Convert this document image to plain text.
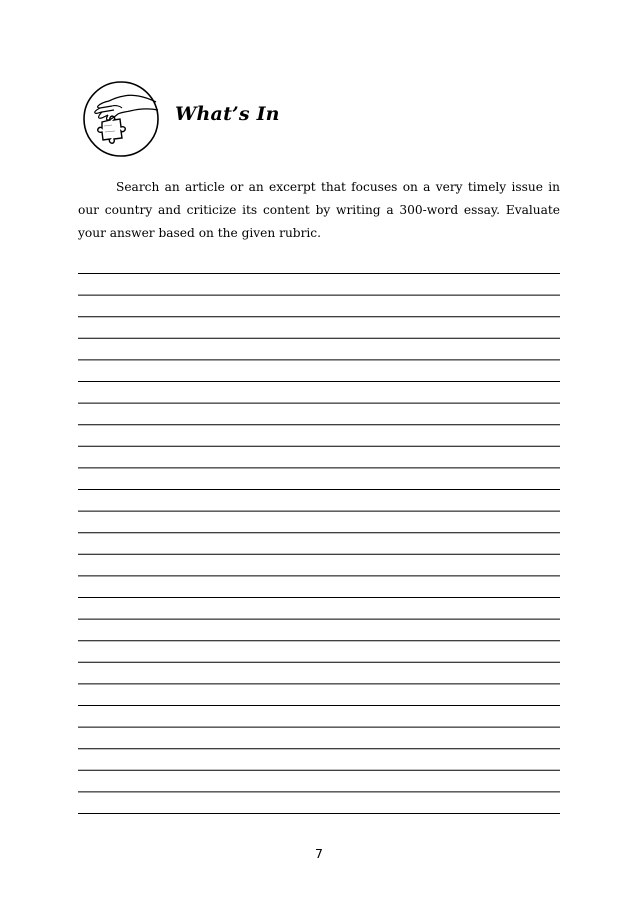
What’s In

Search an article or an excerpt that focuses on a very timely issue in our country and criticize its content by writing a 300-word essay. Evaluate your answer based on the given rubric.

7
